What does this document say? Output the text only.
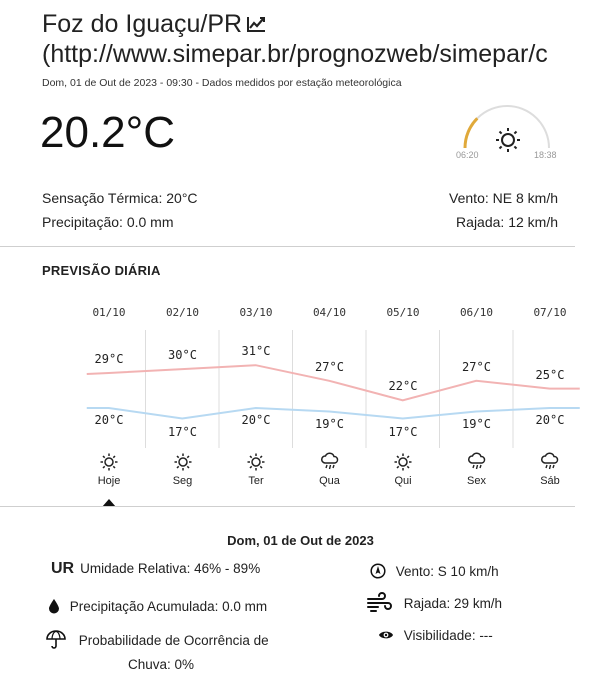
Foz do Iguaçu/PR
(http://www.simepar.br/prognozweb/simepar/c
Dom, 01 de Out de 2023 - 09:30 - Dados medidos por estação meteorológica
20.2°C	06:20	18:38
Sensação Térmica: 20°C
Precipitação: 0.0 mm
Vento: NE 8 km/h
Rajada: 12 km/h
PREVISÃO DIÁRIA
01/10
29°C
20°C
Hoje
02/10
30°C
17°C
Seg
03/10
31°C
20°C
Ter
04/10
27°C
19°C
Qua
05/10
22°C
17°C
Qui
06/10
27°C
19°C
Sex
07/10
25°C
20°C
Sáb
Dom, 01 de Out de 2023
UR Umidade Relativa: 46% - 89%
Precipitação Acumulada: 0.0 mm
Probabilidade de Ocorrência de
Chuva: 0%
Vento: S 10 km/h
Rajada: 29 km/h
Visibilidade: ---
